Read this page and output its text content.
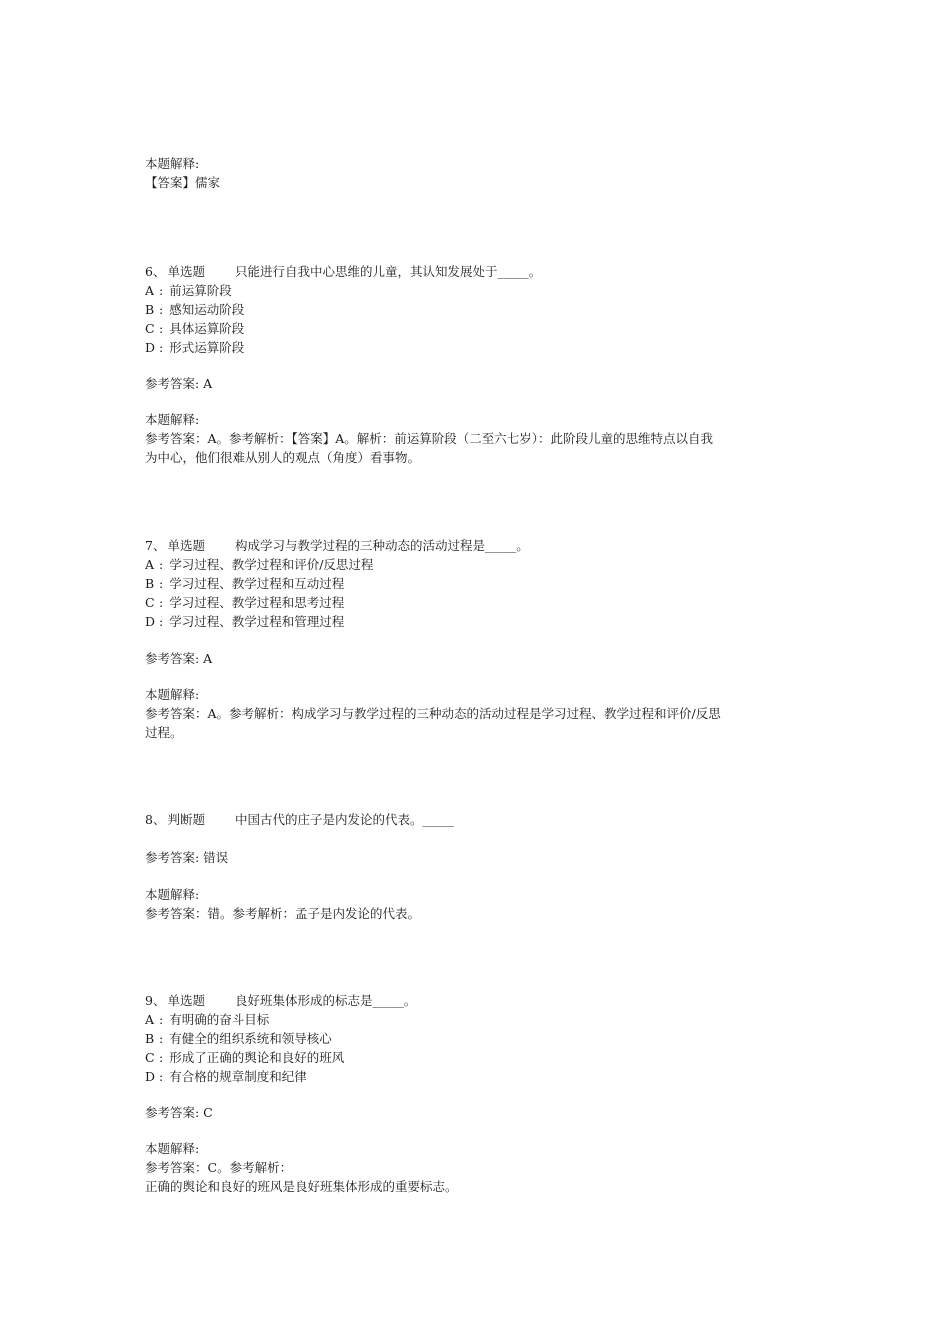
本题解释:
【答案】儒家
6、 单选题 只能进行自我中心思维的儿童，其认知发展处于_____。
A : 前运算阶段
B : 感知运动阶段
C : 具体运算阶段
D : 形式运算阶段
参考答案: A
本题解释:
参考答案：A。参考解析：【答案】A。解析：前运算阶段（二至六七岁）：此阶段儿童的思维特点以自我
为中心，他们很难从别人的观点（角度）看事物。
7、 单选题 构成学习与教学过程的三种动态的活动过程是_____。
A : 学习过程、教学过程和评价/反思过程
B : 学习过程、教学过程和互动过程
C : 学习过程、教学过程和思考过程
D : 学习过程、教学过程和管理过程
参考答案: A
本题解释:
参考答案：A。参考解析：构成学习与教学过程的三种动态的活动过程是学习过程、教学过程和评价/反思
过程。
8、 判断题 中国古代的庄子是内发论的代表。_____
参考答案: 错误
本题解释:
参考答案：错。参考解析：孟子是内发论的代表。
9、 单选题 良好班集体形成的标志是_____。
A : 有明确的奋斗目标
B : 有健全的组织系统和领导核心
C : 形成了正确的舆论和良好的班风
D : 有合格的规章制度和纪律
参考答案: C
本题解释:
参考答案：C。参考解析：
正确的舆论和良好的班风是良好班集体形成的重要标志。
